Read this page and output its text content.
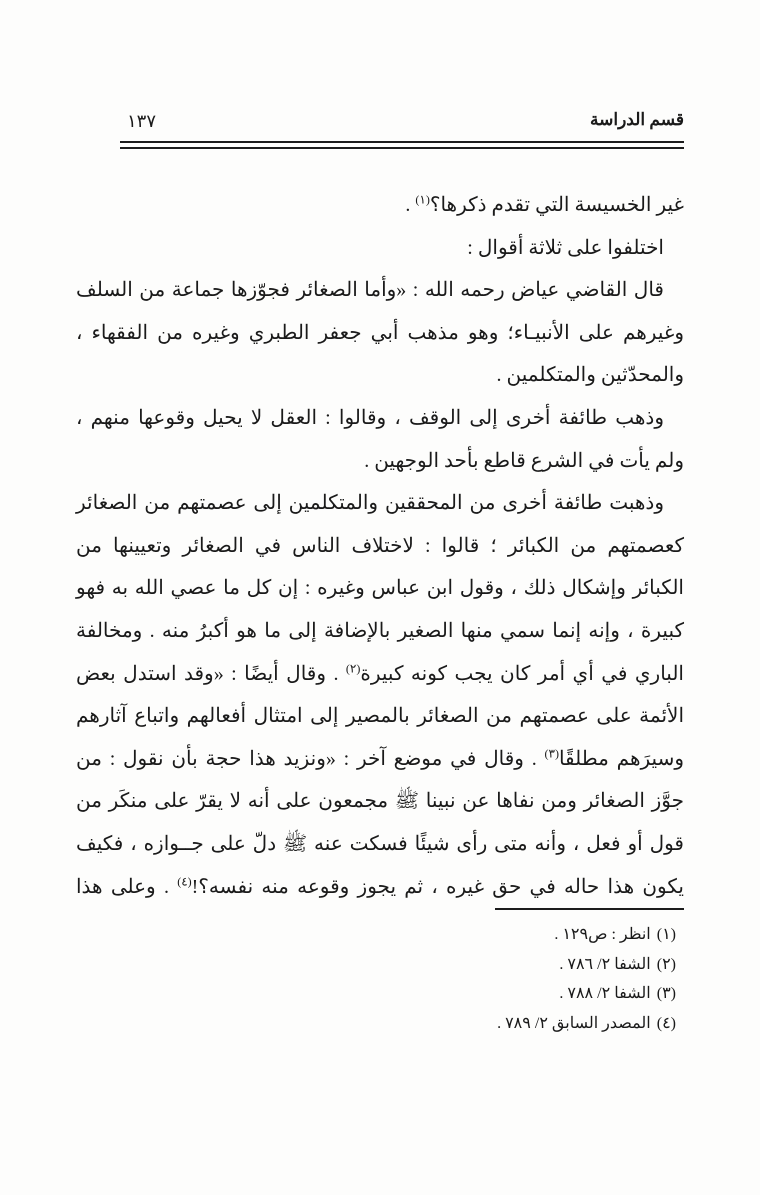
قسم الدراسة
١٣٧
غير الخسيسة التي تقدم ذكرها؟$^{(١)}$ .
اختلفوا على ثلاثة أقوال :
قال القاضي عياض رحمه الله : «وأما الصغائر فجوّزها جماعة من السلف
وغيرهم على الأنبيـاء؛ وهو مذهب أبي جعفر الطبري وغيره من الفقهاء ،
والمحدّثين والمتكلمين .
وذهب طائفة أخرى إلى الوقف ، وقالوا : العقل لا يحيل وقوعها منهم ،
ولم يأت في الشرع قاطع بأحد الوجهين .
وذهبت طائفة أخرى من المحققين والمتكلمين إلى عصمتهم من الصغائر
كعصمتهم من الكبائر ؛ قالوا : لاختلاف الناس في الصغائر وتعيينها من
الكبائر وإشكال ذلك ، وقول ابن عباس وغيره : إن كل ما عصي الله به فهو
كبيرة ، وإنه إنما سمي منها الصغير بالإضافة إلى ما هو أكبرُ منه . ومخالفة
الباري في أي أمر كان يجب كونه كبيرة$^{(٢)}$ . وقال أيضًا : «وقد استدل بعض
الأئمة على عصمتهم من الصغائر بالمصير إلى امتثال أفعالهم واتباع آثارهم
وسيرَهم مطلقًا$^{(٣)}$ . وقال في موضع آخر : «ونزيد هذا حجة بأن نقول : من
جوَّز الصغائر ومن نفاها عن نبينا ﷺ مجمعون على أنه لا يقرّ على منكَر من
قول أو فعل ، وأنه متى رأى شيئًا فسكت عنه ﷺ دلّ على جــوازه ، فكيف
يكون هذا حاله في حق غيره ، ثم يجوز وقوعه منه نفسه؟!$^{(٤)}$ . وعلى هذا
(١)انظر : ص١٢٩ .
(٢)الشفا ٢/ ٧٨٦ .
(٣)الشفا ٢/ ٧٨٨ .
(٤)المصدر السابق ٢/ ٧٨٩ .
